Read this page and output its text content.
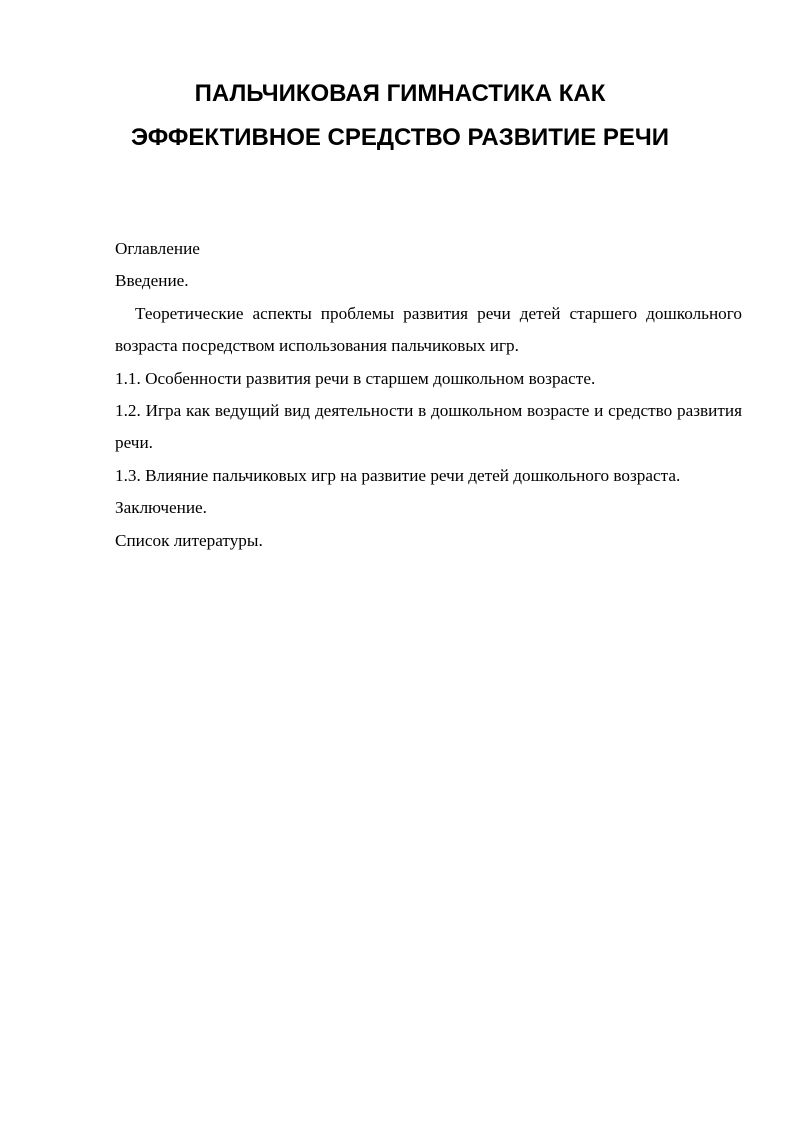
ПАЛЬЧИКОВАЯ ГИМНАСТИКА КАК
ЭФФЕКТИВНОЕ СРЕДСТВО РАЗВИТИЕ РЕЧИ

Оглавление

Введение.

Теоретические аспекты проблемы развития речи детей старшего дошкольного возраста посредством использования пальчиковых игр.

1.1. Особенности развития речи в старшем дошкольном возрасте.

1.2. Игра как ведущий вид деятельности в дошкольном возрасте и средство развития речи.

1.3. Влияние пальчиковых игр на развитие речи детей дошкольного возраста.

Заключение.

Список литературы.
